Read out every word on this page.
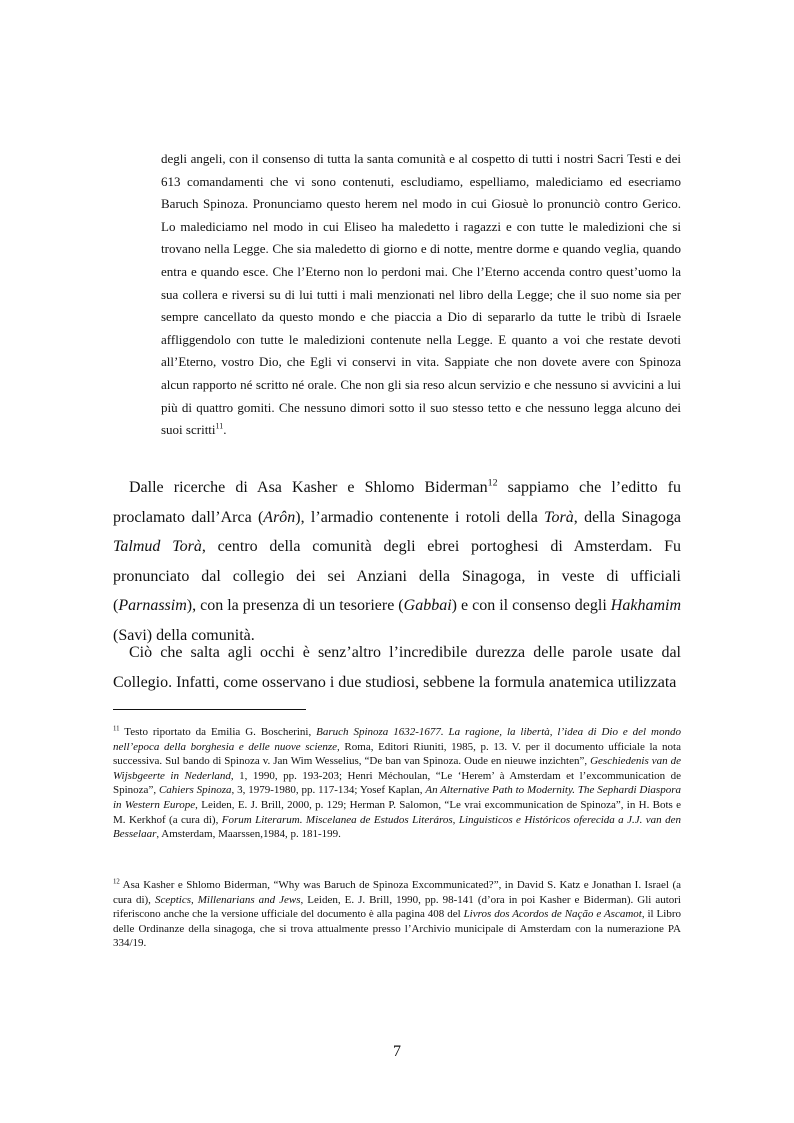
degli angeli, con il consenso di tutta la santa comunità e al cospetto di tutti i nostri Sacri Testi e dei 613 comandamenti che vi sono contenuti, escludiamo, espelliamo, malediciamo ed esecriamo Baruch Spinoza. Pronunciamo questo herem nel modo in cui Giosuè lo pronunciò contro Gerico. Lo malediciamo nel modo in cui Eliseo ha maledetto i ragazzi e con tutte le maledizioni che si trovano nella Legge. Che sia maledetto di giorno e di notte, mentre dorme e quando veglia, quando entra e quando esce. Che l’Eterno non lo perdoni mai. Che l’Eterno accenda contro quest’uomo la sua collera e riversi su di lui tutti i mali menzionati nel libro della Legge; che il suo nome sia per sempre cancellato da questo mondo e che piaccia a Dio di separarlo da tutte le tribù di Israele affliggendolo con tutte le maledizioni contenute nella Legge. E quanto a voi che restate devoti all’Eterno, vostro Dio, che Egli vi conservi in vita. Sappiate che non dovete avere con Spinoza alcun rapporto né scritto né orale. Che non gli sia reso alcun servizio e che nessuno si avvicini a lui più di quattro gomiti. Che nessuno dimori sotto il suo stesso tetto e che nessuno legga alcuno dei suoi scritti$^{11}$.

Dalle ricerche di Asa Kasher e Shlomo Biderman$^{12}$ sappiamo che l’editto fu proclamato dall’Arca (Arôn), l’armadio contenente i rotoli della Torà, della Sinagoga Talmud Torà, centro della comunità degli ebrei portoghesi di Amsterdam. Fu pronunciato dal collegio dei sei Anziani della Sinagoga, in veste di ufficiali (Parnassim), con la presenza di un tesoriere (Gabbai) e con il consenso degli Hakhamim (Savi) della comunità.

Ciò che salta agli occhi è senz’altro l’incredibile durezza delle parole usate dal Collegio. Infatti, come osservano i due studiosi, sebbene la formula anatemica utilizzata

$^{11}$ Testo riportato da Emilia G. Boscherini, Baruch Spinoza 1632-1677. La ragione, la libertà, l’idea di Dio e del mondo nell’epoca della borghesia e delle nuove scienze, Roma, Editori Riuniti, 1985, p. 13. V. per il documento ufficiale la nota successiva. Sul bando di Spinoza v. Jan Wim Wesselius, “De ban van Spinoza. Oude en nieuwe inzichten”, Geschiedenis van de Wijsbgeerte in Nederland, 1, 1990, pp. 193-203; Henri Méchoulan, “Le ‘Herem’ à Amsterdam et l’excommunication de Spinoza”, Cahiers Spinoza, 3, 1979-1980, pp. 117-134; Yosef Kaplan, An Alternative Path to Modernity. The Sephardi Diaspora in Western Europe, Leiden, E. J. Brill, 2000, p. 129; Herman P. Salomon, “Le vrai excommunication de Spinoza”, in H. Bots e M. Kerkhof (a cura di), Forum Literarum. Miscelanea de Estudos Literáros, Linguisticos e Históricos oferecida a J.J. van den Besselaar, Amsterdam, Maarssen,1984, p. 181-199.

$^{12}$ Asa Kasher e Shlomo Biderman, “Why was Baruch de Spinoza Excommunicated?”, in David S. Katz e Jonathan I. Israel (a cura di), Sceptics, Millenarians and Jews, Leiden, E. J. Brill, 1990, pp. 98-141 (d’ora in poi Kasher e Biderman). Gli autori riferiscono anche che la versione ufficiale del documento è alla pagina 408 del Livros dos Acordos de Nação e Ascamot, il Libro delle Ordinanze della sinagoga, che si trova attualmente presso l’Archivio municipale di Amsterdam con la numerazione PA 334/19.

7
